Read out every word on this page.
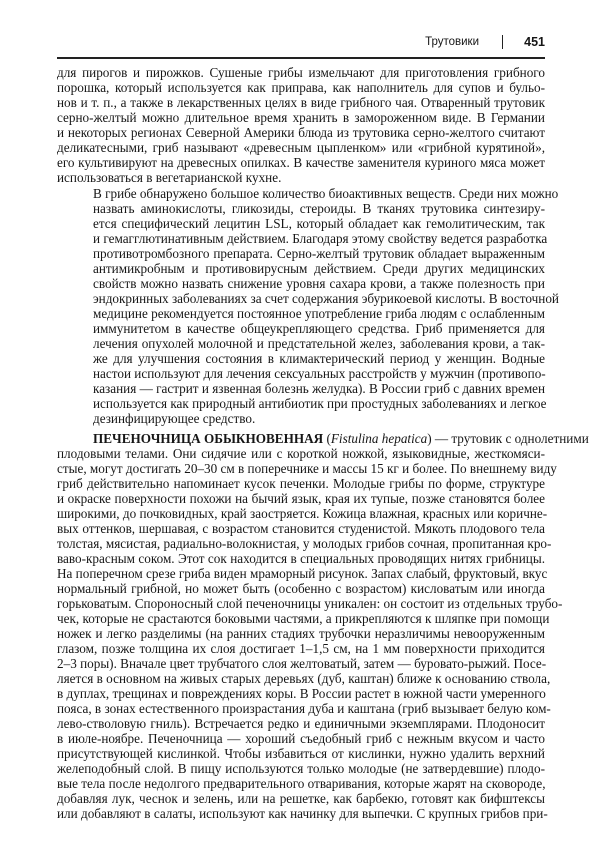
Трутовики	451
для пирогов и пирожков. Сушеные грибы измельчают для приготовления грибного
порошка, который используется как приправа, как наполнитель для супов и бульо-
нов и т. п., а также в лекарственных целях в виде грибного чая. Отваренный трутовик
серно-желтый можно длительное время хранить в замороженном виде. В Германии
и некоторых регионах Северной Америки блюда из трутовика серно-желтого считают
деликатесными, гриб называют «древесным цыпленком» или «грибной курятиной»,
его культивируют на древесных опилках. В качестве заменителя куриного мяса может
использоваться в вегетарианской кухне.
В грибе обнаружено большое количество биоактивных веществ. Среди них можно
назвать аминокислоты, гликозиды, стероиды. В тканях трутовика синтезиру-
ется специфический лецитин LSL, который обладает как гемолитическим, так
и гемагглютинативным действием. Благодаря этому свойству ведется разработка
противотромбозного препарата. Серно-желтый трутовик обладает выраженным
антимикробным и противовирусным действием. Среди других медицинских
свойств можно назвать снижение уровня сахара крови, а также полезность при
эндокринных заболеваниях за счет содержания эбурикоевой кислоты. В восточной
медицине рекомендуется постоянное употребление гриба людям с ослабленным
иммунитетом в качестве общеукрепляющего средства. Гриб применяется для
лечения опухолей молочной и предстательной желез, заболевания крови, а так-
же для улучшения состояния в климактерический период у женщин. Водные
настои используют для лечения сексуальных расстройств у мужчин (противопо-
казания — гастрит и язвенная болезнь желудка). В России гриб с давних времен
используется как природный антибиотик при простудных заболеваниях и легкое
дезинфицирующее средство.
ПЕЧЕНОЧНИЦА ОБЫКНОВЕННАЯ (Fistulina hepatica) — трутовик с однолетними
плодовыми телами. Они сидячие или с короткой ножкой, языковидные, жесткомяси-
стые, могут достигать 20–30 см в поперечнике и массы 15 кг и более. По внешнему виду
гриб действительно напоминает кусок печенки. Молодые грибы по форме, структуре
и окраске поверхности похожи на бычий язык, края их тупые, позже становятся более
широкими, до почковидных, край заостряется. Кожица влажная, красных или коричне-
вых оттенков, шершавая, с возрастом становится студенистой. Мякоть плодового тела
толстая, мясистая, радиально-волокнистая, у молодых грибов сочная, пропитанная кро-
ваво-красным соком. Этот сок находится в специальных проводящих нитях грибницы.
На поперечном срезе гриба виден мраморный рисунок. Запах слабый, фруктовый, вкус
нормальный грибной, но может быть (особенно с возрастом) кисловатым или иногда
горьковатым. Спороносный слой печеночницы уникален: он состоит из отдельных трубо-
чек, которые не срастаются боковыми частями, а прикрепляются к шляпке при помощи
ножек и легко разделимы (на ранних стадиях трубочки неразличимы невооруженным
глазом, позже толщина их слоя достигает 1–1,5 см, на 1 мм поверхности приходится
2–3 поры). Вначале цвет трубчатого слоя желтоватый, затем — буровато-рыжий. Посе-
ляется в основном на живых старых деревьях (дуб, каштан) ближе к основанию ствола,
в дуплах, трещинах и повреждениях коры. В России растет в южной части умеренного
пояса, в зонах естественного произрастания дуба и каштана (гриб вызывает белую ком-
лево-стволовую гниль). Встречается редко и единичными экземплярами. Плодоносит
в июле-ноябре. Печеночница — хороший съедобный гриб с нежным вкусом и часто
присутствующей кислинкой. Чтобы избавиться от кислинки, нужно удалить верхний
желеподобный слой. В пищу используются только молодые (не затвердевшие) плодо-
вые тела после недолгого предварительного отваривания, которые жарят на сковороде,
добавляя лук, чеснок и зелень, или на решетке, как барбекю, готовят как бифштексы
или добавляют в салаты, используют как начинку для выпечки. С крупных грибов при-
